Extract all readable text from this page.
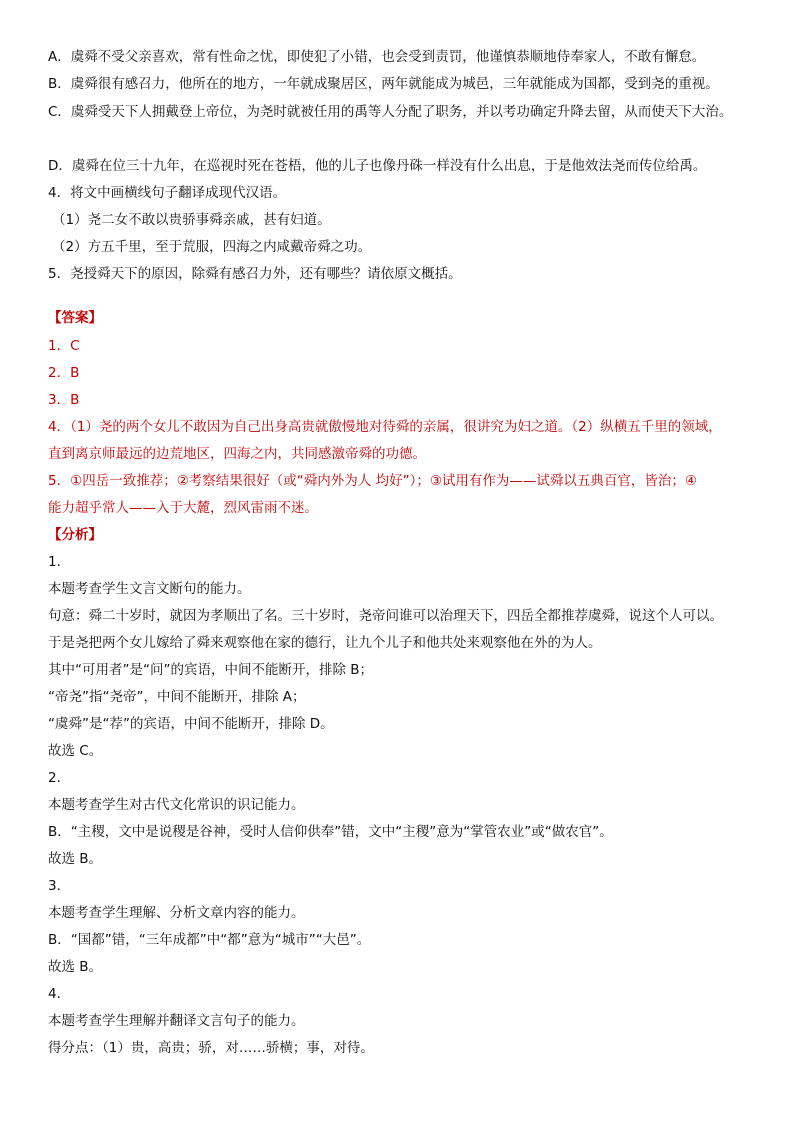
A．虞舜不受父亲喜欢，常有性命之忧，即使犯了小错，也会受到责罚，他谨慎恭顺地侍奉家人，不敢有懈怠。
B．虞舜很有感召力，他所在的地方，一年就成聚居区，两年就能成为城邑，三年就能成为国都，受到尧的重视。
C．虞舜受天下人拥戴登上帝位，为尧时就被任用的禹等人分配了职务，并以考功确定升降去留，从而使天下大治。
D．虞舜在位三十九年，在巡视时死在苍梧，他的儿子也像丹硃一样没有什么出息，于是他效法尧而传位给禹。
4．将文中画横线句子翻译成现代汉语。
（1）尧二女不敢以贵骄事舜亲戚，甚有妇道。
（2）方五千里，至于荒服，四海之内咸戴帝舜之功。
5．尧授舜天下的原因，除舜有感召力外，还有哪些？请依原文概括。
【答案】
1．C
2．B
3．B
4．（1）尧的两个女儿不敢因为自己出身高贵就傲慢地对待舜的亲属，很讲究为妇之道。（2）纵横五千里的领域，
直到离京师最远的边荒地区，四海之内，共同感激帝舜的功德。
5．①四岳一致推荐；②考察结果很好（或“舜内外为人 均好”）；③试用有作为——试舜以五典百官，皆治；④
能力超乎常人——入于大麓，烈风雷雨不迷。
【分析】
1．
本题考查学生文言文断句的能力。
句意：舜二十岁时，就因为孝顺出了名。三十岁时，尧帝问谁可以治理天下，四岳全都推荐虞舜，说这个人可以。
于是尧把两个女儿嫁给了舜来观察他在家的德行，让九个儿子和他共处来观察他在外的为人。
其中“可用者”是“问”的宾语，中间不能断开，排除 B；
“帝尧”指“尧帝”，中间不能断开，排除 A；
“虞舜”是“荐”的宾语，中间不能断开，排除 D。
故选 C。
2．
本题考查学生对古代文化常识的识记能力。
B．“主稷，文中是说稷是谷神，受时人信仰供奉”错，文中“主稷”意为“掌管农业”或“做农官”。
故选 B。
3．
本题考查学生理解、分析文章内容的能力。
B．“国都”错，“三年成都”中“都”意为“城市”“大邑”。
故选 B。
4．
本题考查学生理解并翻译文言句子的能力。
得分点：（1）贵，高贵；骄，对……骄横；事，对待。
